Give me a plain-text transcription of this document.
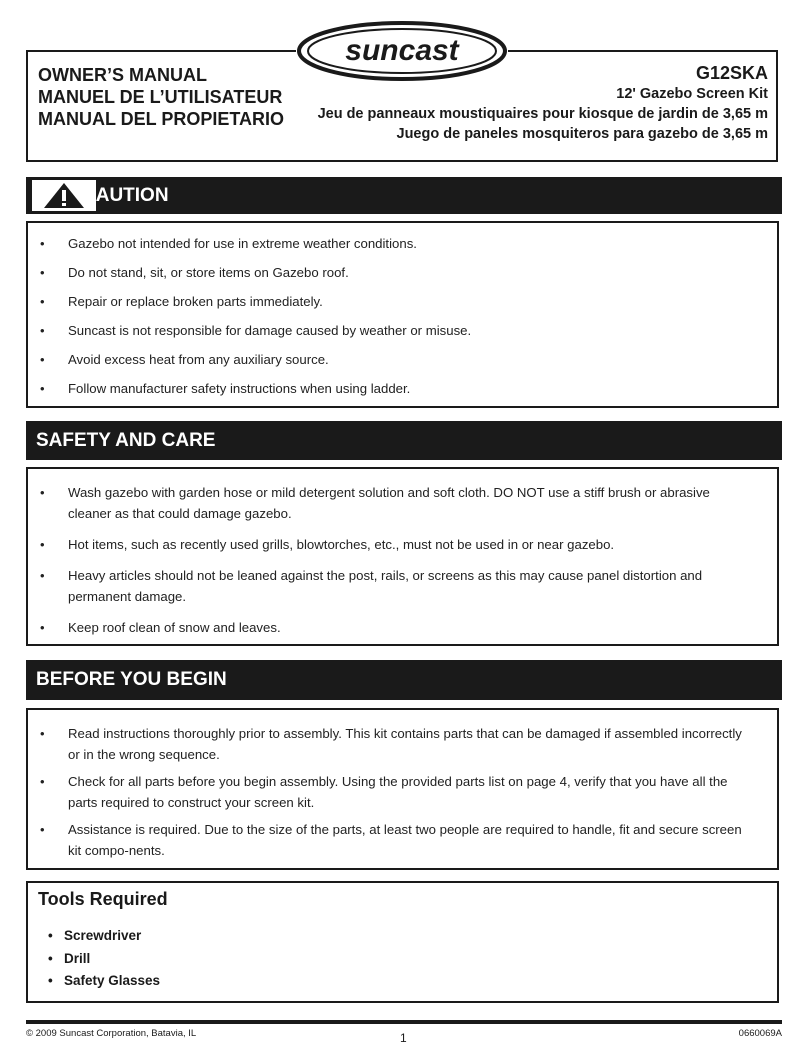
OWNER’S MANUAL
MANUEL DE L’UTILISATEUR
MANUAL DEL PROPIETARIO
G12SKA
12' Gazebo Screen Kit
Jeu de panneaux moustiquaires pour kiosque de jardin de 3,65 m
Juego de paneles mosquiteros para gazebo de 3,65 m
suncast
CAUTION
• Gazebo not intended for use in extreme weather conditions.
• Do not stand, sit, or store items on Gazebo roof.
• Repair or replace broken parts immediately.
• Suncast is not responsible for damage caused by weather or misuse.
• Avoid excess heat from any auxiliary source.
• Follow manufacturer safety instructions when using ladder.
SAFETY AND CARE
• Wash gazebo with garden hose or mild detergent solution and soft cloth. DO NOT use a stiff brush or abrasive cleaner as that could damage gazebo.
• Hot items, such as recently used grills, blowtorches, etc., must not be used in or near gazebo.
• Heavy articles should not be leaned against the post, rails, or screens as this may cause panel distortion and permanent damage.
• Keep roof clean of snow and leaves.
BEFORE YOU BEGIN
• Read instructions thoroughly prior to assembly. This kit contains parts that can be damaged if assembled incorrectly or in the wrong sequence.
• Check for all parts before you begin assembly. Using the provided parts list on page 4, verify that you have all the parts required to construct your screen kit.
• Assistance is required. Due to the size of the parts, at least two people are required to handle, fit and secure screen kit compo-nents.
Tools Required
• Screwdriver
• Drill
• Safety Glasses
© 2009 Suncast Corporation, Batavia, IL	1	0660069A
